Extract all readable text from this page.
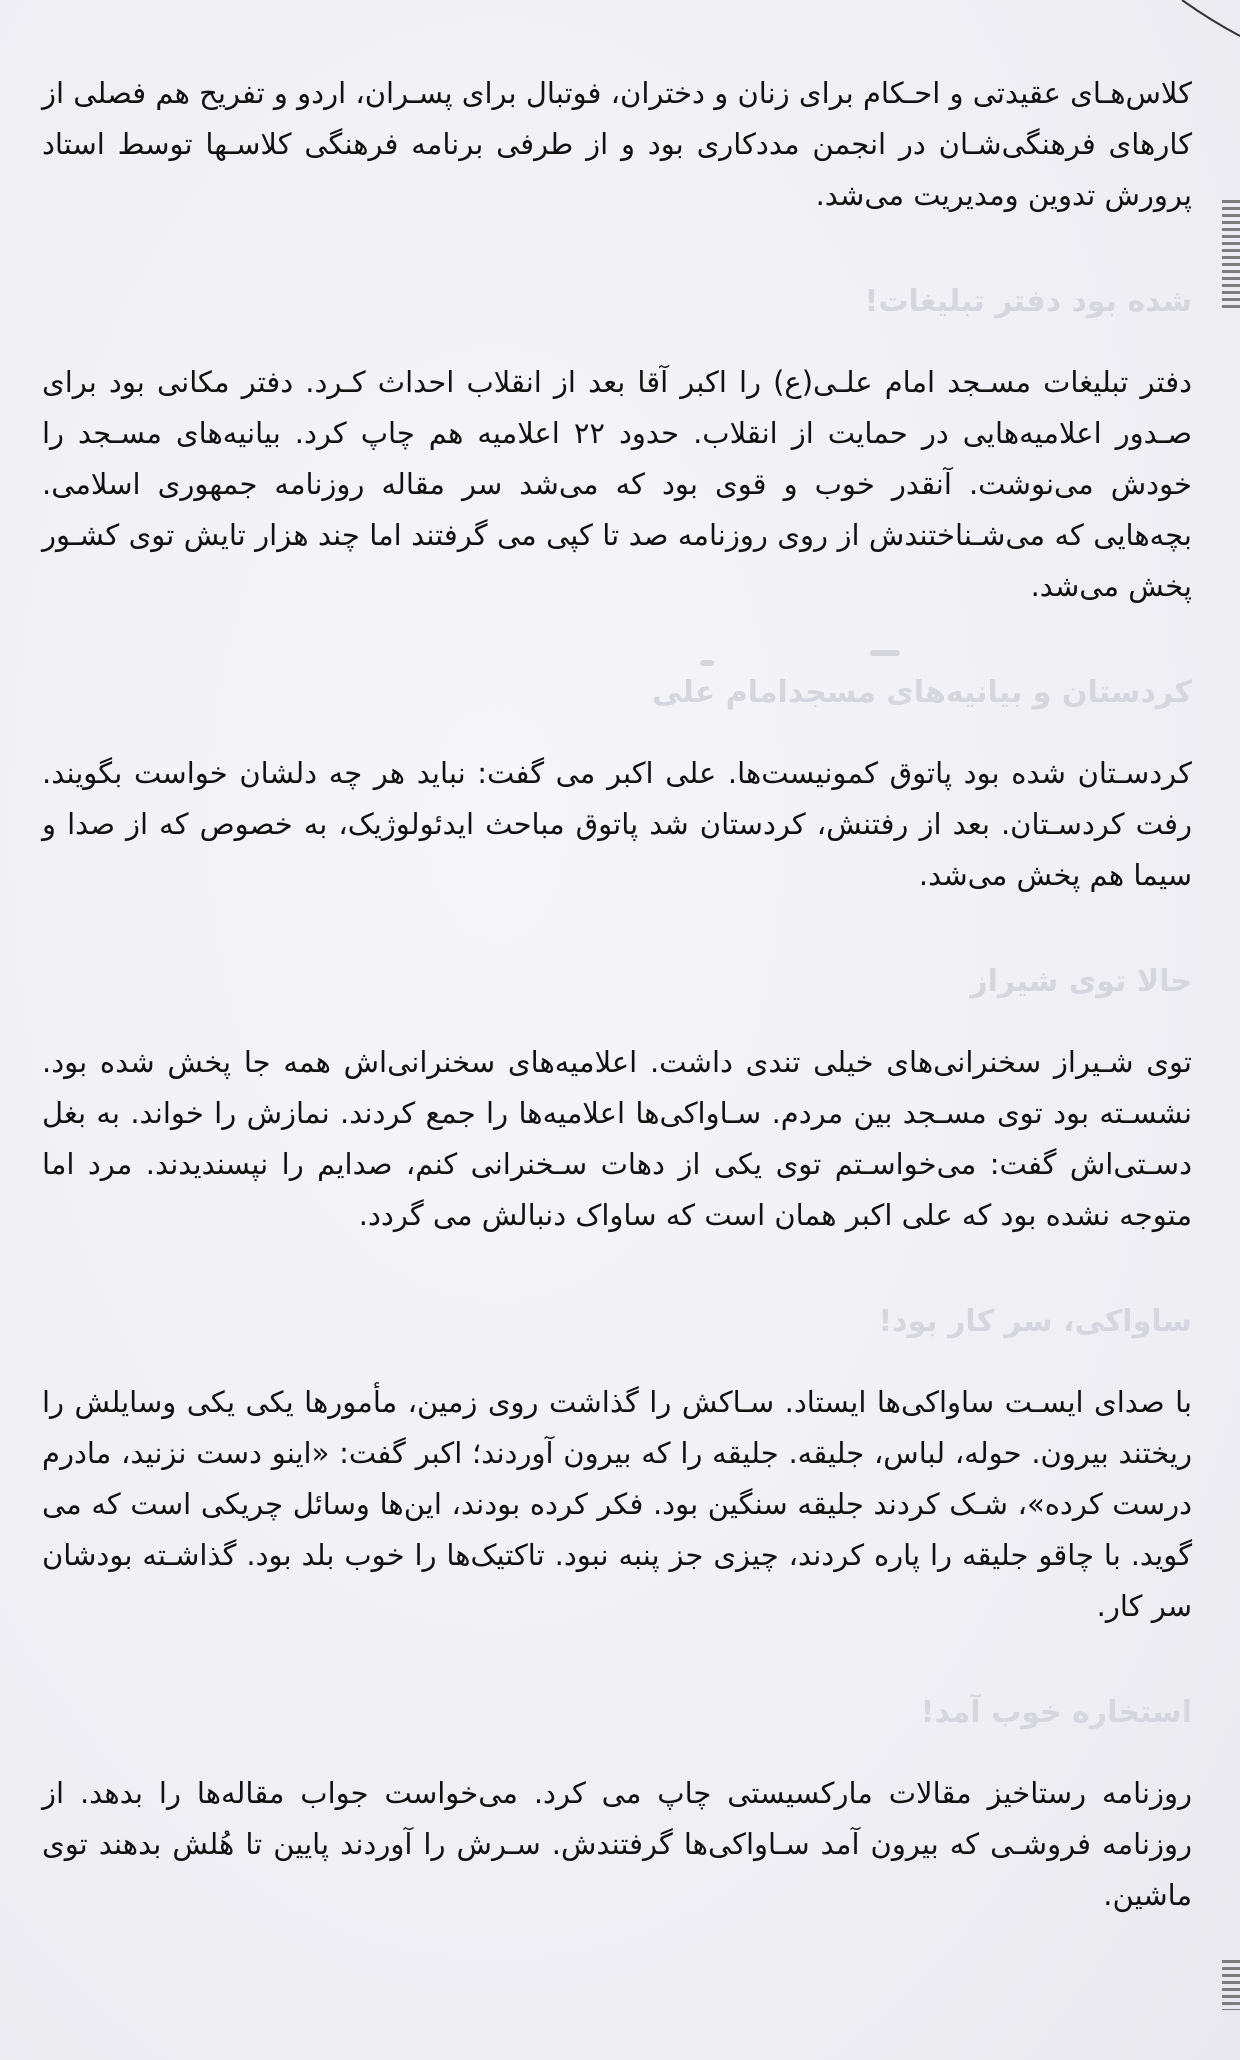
کلاس‌هـای عقیدتی و احـکام برای زنان و دختران، فوتبال برای پسـران، اردو و تفریح هم فصلی از کارهای فرهنگی‌شـان در انجمن مددکاری بود و از طرفی برنامه فرهنگی کلاسـها توسط استاد پرورش تدوین ومدیریت می‌شد.

شده بود دفتر تبلیغات!

دفتر تبلیغات مسـجد امام علـی(ع) را اکبر آقا بعد از انقلاب احداث کـرد. دفتر مکانی بود برای صـدور اعلامیه‌هایی در حمایت از انقلاب. حدود ۲۲ اعلامیه هم چاپ کرد. بیانیه‌های مسـجد را خودش می‌نوشت. آنقدر خوب و قوی بود که می‌شد سر مقاله روزنامه جمهوری اسلامی. بچه‌هایی که می‌شـناختندش از روی روزنامه صد تا کپی می گرفتند اما چند هزار تایش توی کشـور پخش می‌شد.

کردستان و بیانیه‌های مسجدامام علی

کردسـتان شده بود پاتوق کمونیست‌ها. علی اکبر می گفت: نباید هر چه دلشان خواست بگویند. رفت کردسـتان. بعد از رفتنش، کردستان شد پاتوق مباحث ایدئولوژیک، به خصوص که از صدا و سیما هم پخش می‌شد.

حالا توی شیراز

توی شـیراز سخنرانی‌های خیلی تندی داشت. اعلامیه‌های سخنرانی‌اش همه جا پخش شده بود. نشسـته بود توی مسـجد بین مردم. سـاواکی‌ها اعلامیه‌ها را جمع کردند. نمازش را خواند. به بغل دسـتی‌اش گفت: می‌خواسـتم توی یکی از دهات سـخنرانی کنم، صدایم را نپسندیدند. مرد اما متوجه نشده بود که علی اکبر همان است که ساواک دنبالش می گردد.

ساواکی، سر کار بود!

با صدای ایسـت ساواکی‌ها ایستاد. سـاکش را گذاشت روی زمین، مأمورها یکی یکی وسایلش را ریختند بیرون. حوله، لباس، جلیقه. جلیقه را که بیرون آوردند؛ اکبر گفت: «اینو دست نزنید، مادرم درست کرده»، شـک کردند جلیقه سنگین بود. فکر کرده بودند، این‌ها وسائل چریکی است که می گوید. با چاقو جلیقه را پاره کردند، چیزی جز پنبه نبود. تاکتیک‌ها را خوب بلد بود. گذاشـته بودشان سر کار.

استخاره خوب آمد!

روزنامه رستاخیز مقالات مارکسیستی چاپ می کرد. می‌خواست جواب مقاله‌ها را بدهد. از روزنامه فروشـی که بیرون آمد سـاواکی‌ها گرفتندش. سـرش را آوردند پایین تا هُلش بدهند توی ماشین.
